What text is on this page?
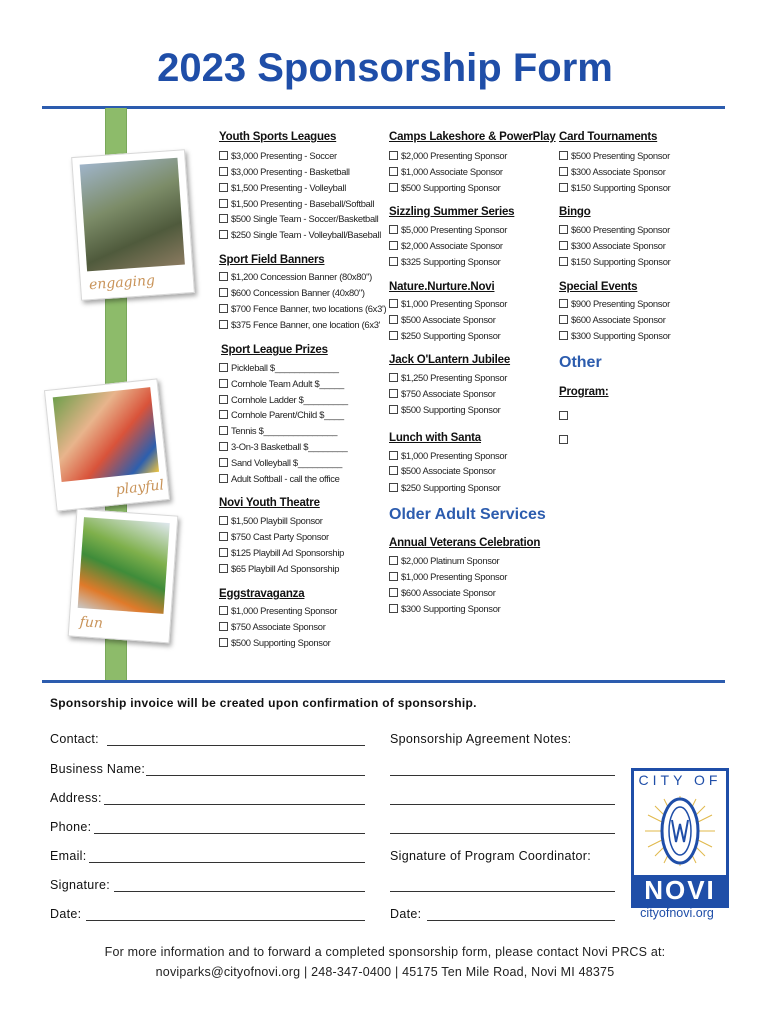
2023 Sponsorship Form
engaging
playful
fun
Youth Sports Leagues
$3,000 Presenting - Soccer
$3,000 Presenting - Basketball
$1,500 Presenting - Volleyball
$1,500 Presenting - Baseball/Softball
$500 Single Team - Soccer/Basketball
$250 Single Team - Volleyball/Baseball
Sport Field Banners
$1,200 Concession Banner (80x80")
$600 Concession Banner (40x80")
$700 Fence Banner, two locations (6x3')
$375 Fence Banner, one location (6x3'
Sport League Prizes
Pickleball $_____________
Cornhole Team Adult $_____
Cornhole Ladder $_________
Cornhole Parent/Child $____
Tennis $_______________
3-On-3 Basketball $________
Sand Volleyball $_________
Adult Softball - call the office
Novi Youth Theatre
$1,500 Playbill Sponsor
$750 Cast Party Sponsor
$125 Playbill Ad Sponsorship
$65 Playbill Ad Sponsorship
Eggstravaganza
$1,000 Presenting Sponsor
$750 Associate Sponsor
$500 Supporting Sponsor
Camps Lakeshore & PowerPlay
$2,000 Presenting Sponsor
$1,000 Associate Sponsor
$500 Supporting Sponsor
Sizzling Summer Series
$5,000 Presenting Sponsor
$2,000 Associate Sponsor
$325 Supporting Sponsor
Nature.Nurture.Novi
$1,000 Presenting Sponsor
$500 Associate Sponsor
$250 Supporting Sponsor
Jack O'Lantern Jubilee
$1,250 Presenting Sponsor
$750 Associate Sponsor
$500 Supporting Sponsor
Lunch with Santa
$1,000 Presenting Sponsor
$500 Associate Sponsor
$250 Supporting Sponsor
Older Adult Services
Annual Veterans Celebration
$2,000 Platinum Sponsor
$1,000 Presenting Sponsor
$600 Associate Sponsor
$300 Supporting Sponsor
Card Tournaments
$500 Presenting Sponsor
$300 Associate Sponsor
$150 Supporting Sponsor
Bingo
$600 Presenting Sponsor
$300 Associate Sponsor
$150 Supporting Sponsor
Special Events
$900 Presenting Sponsor
$600 Associate Sponsor
$300 Supporting Sponsor
Other
Program:
Sponsorship invoice will be created upon confirmation of sponsorship.
Contact:
Business Name:
Address:
Phone:
Email:
Signature:
Date:
Sponsorship Agreement Notes:
Signature of Program Coordinator:
Date:
CITY OF
NOVI
cityofnovi.org
For more information and to forward a completed sponsorship form, please contact Novi PRCS at:
noviparks@cityofnovi.org | 248-347-0400 | 45175 Ten Mile Road, Novi MI 48375
